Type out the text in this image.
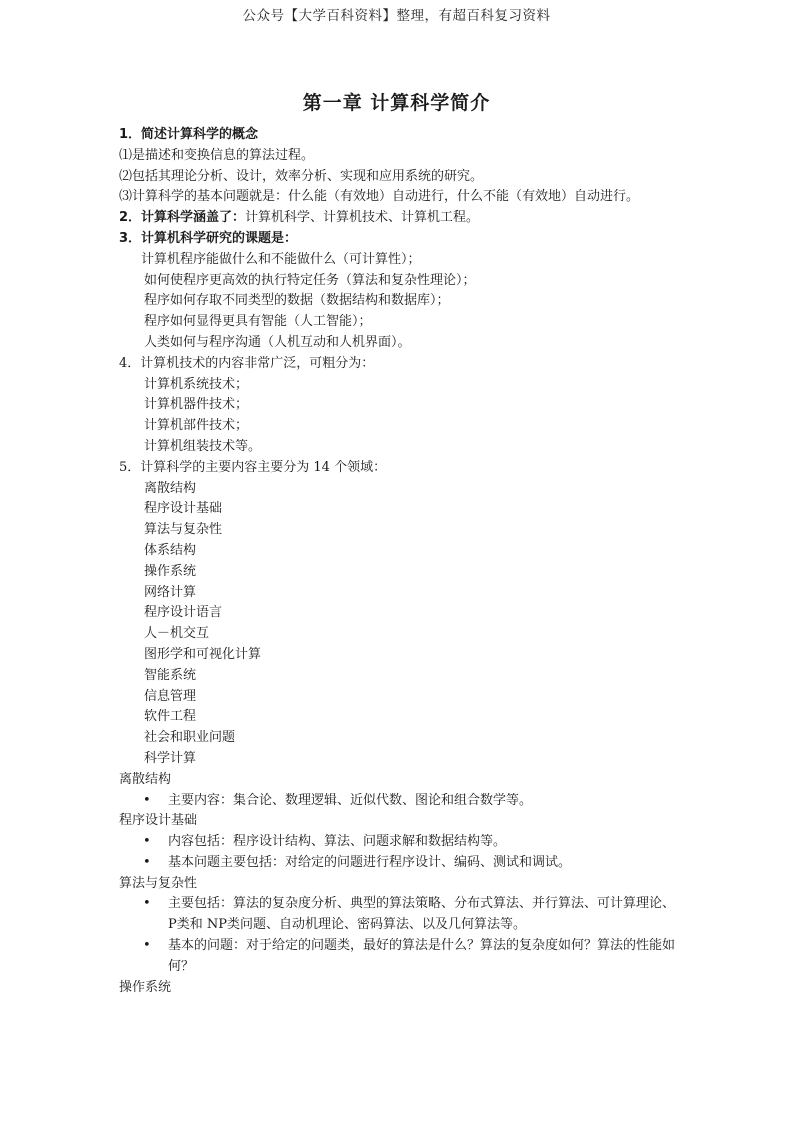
公众号【大学百科资料】整理，有超百科复习资料
第一章 计算科学简介
1．简述计算科学的概念
⑴是描述和变换信息的算法过程。
⑵包括其理论分析、设计，效率分析、实现和应用系统的研究。
⑶计算科学的基本问题就是：什么能（有效地）自动进行，什么不能（有效地）自动进行。
2．计算科学涵盖了：计算机科学、计算机技术、计算机工程。
3．计算机科学研究的课题是：
计算机程序能做什么和不能做什么（可计算性）；
如何使程序更高效的执行特定任务（算法和复杂性理论）；
程序如何存取不同类型的数据（数据结构和数据库）；
程序如何显得更具有智能（人工智能）；
人类如何与程序沟通（人机互动和人机界面）。
4．计算机技术的内容非常广泛，可粗分为：
计算机系统技术；
计算机器件技术；
计算机部件技术；
计算机组装技术等。
5．计算科学的主要内容主要分为 14 个领域：
离散结构
程序设计基础
算法与复杂性
体系结构
操作系统
网络计算
程序设计语言
人－机交互
图形学和可视化计算
智能系统
信息管理
软件工程
社会和职业问题
科学计算
离散结构
•	主要内容：集合论、数理逻辑、近似代数、图论和组合数学等。
程序设计基础
•	内容包括：程序设计结构、算法、问题求解和数据结构等。
•	基本问题主要包括：对给定的问题进行程序设计、编码、测试和调试。
算法与复杂性
•	主要包括：算法的复杂度分析、典型的算法策略、分布式算法、并行算法、可计算理论、P类和 NP类问题、自动机理论、密码算法、以及几何算法等。
•	基本的问题：对于给定的问题类，最好的算法是什么？算法的复杂度如何？算法的性能如何？
操作系统
